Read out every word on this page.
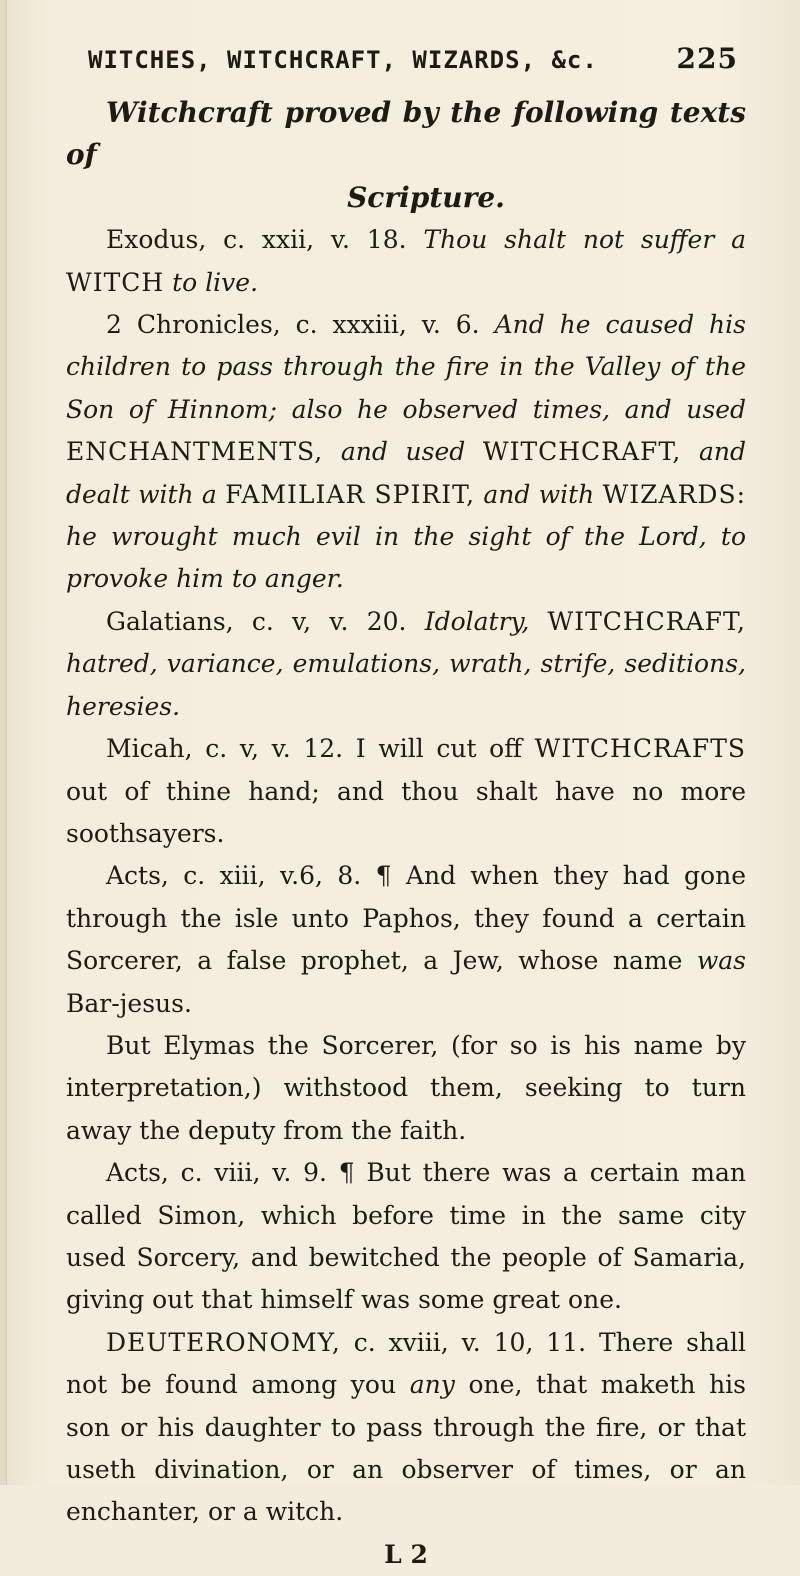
WITCHES, WITCHCRAFT, WIZARDS, &c.	225

Witchcraft proved by the following texts of

Scripture.

Exodus, c. xxii, v. 18. Thou shalt not suffer a WITCH to live.

2 Chronicles, c. xxxiii, v. 6. And he caused his children to pass through the fire in the Valley of the Son of Hinnom; also he observed times, and used ENCHANTMENTS, and used WITCHCRAFT, and dealt with a FAMILIAR SPIRIT, and with WIZARDS: he wrought much evil in the sight of the Lord, to provoke him to anger.

Galatians, c. v, v. 20. Idolatry, WITCHCRAFT, hatred, variance, emulations, wrath, strife, seditions, heresies.

Micah, c. v, v. 12. I will cut off WITCHCRAFTS out of thine hand; and thou shalt have no more soothsayers.

Acts, c. xiii, v.6, 8. ¶ And when they had gone through the isle unto Paphos, they found a certain Sorcerer, a false prophet, a Jew, whose name was Bar-jesus.

But Elymas the Sorcerer, (for so is his name by interpretation,) withstood them, seeking to turn away the deputy from the faith.

Acts, c. viii, v. 9. ¶ But there was a certain man called Simon, which before time in the same city used Sorcery, and bewitched the people of Samaria, giving out that himself was some great one.

DEUTERONOMY, c. xviii, v. 10, 11. There shall not be found among you any one, that maketh his son or his daughter to pass through the fire, or that useth divination, or an observer of times, or an enchanter, or a witch.

L 2
